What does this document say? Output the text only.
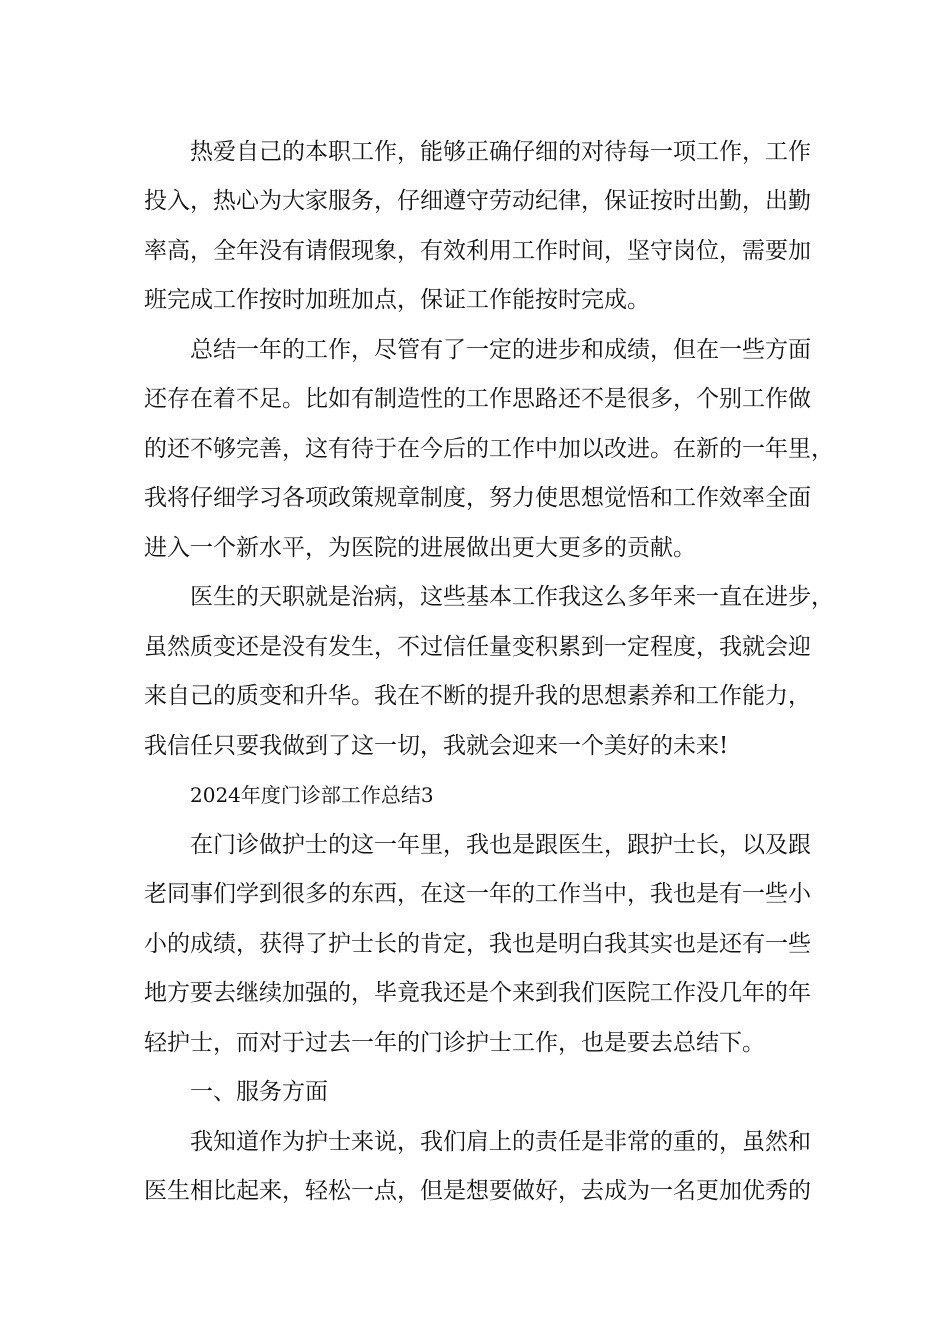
热爱自己的本职工作，能够正确仔细的对待每一项工作，工作
投入，热心为大家服务，仔细遵守劳动纪律，保证按时出勤，出勤
率高，全年没有请假现象，有效利用工作时间，坚守岗位，需要加
班完成工作按时加班加点，保证工作能按时完成。
总结一年的工作，尽管有了一定的进步和成绩，但在一些方面
还存在着不足。比如有制造性的工作思路还不是很多，个别工作做
的还不够完善，这有待于在今后的工作中加以改进。在新的一年里，
我将仔细学习各项政策规章制度，努力使思想觉悟和工作效率全面
进入一个新水平，为医院的进展做出更大更多的贡献。
医生的天职就是治病，这些基本工作我这么多年来一直在进步，
虽然质变还是没有发生，不过信任量变积累到一定程度，我就会迎
来自己的质变和升华。我在不断的提升我的思想素养和工作能力，
我信任只要我做到了这一切，我就会迎来一个美好的未来!
2024年度门诊部工作总结3
在门诊做护士的这一年里，我也是跟医生，跟护士长，以及跟
老同事们学到很多的东西，在这一年的工作当中，我也是有一些小
小的成绩，获得了护士长的肯定，我也是明白我其实也是还有一些
地方要去继续加强的，毕竟我还是个来到我们医院工作没几年的年
轻护士，而对于过去一年的门诊护士工作，也是要去总结下。
一、服务方面
我知道作为护士来说，我们肩上的责任是非常的重的，虽然和
医生相比起来，轻松一点，但是想要做好，去成为一名更加优秀的
